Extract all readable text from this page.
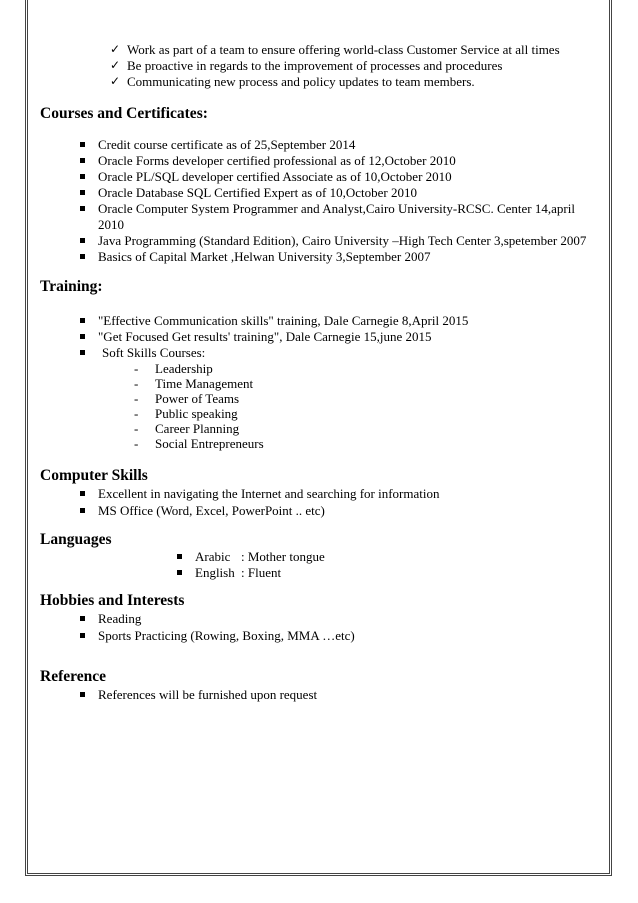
✓ Work as part of a team to ensure offering world-class Customer Service at all times
✓ Be proactive in regards to the improvement of processes and procedures
✓ Communicating new process and policy updates to team members.
Courses and Certificates:
Credit course certificate as of 25,September 2014
Oracle Forms developer certified professional as of 12,October 2010
Oracle PL/SQL developer certified Associate as of 10,October 2010
Oracle Database SQL Certified Expert as of 10,October 2010
Oracle Computer System Programmer and Analyst,Cairo University-RCSC. Center 14,april
2010
Java Programming (Standard Edition), Cairo University –High Tech Center 3,spetember 2007
Basics of Capital Market ,Helwan University 3,September 2007
Training:
"Effective Communication skills" training, Dale Carnegie 8,April 2015
"Get Focused Get results' training", Dale Carnegie 15,june 2015
Soft Skills Courses:
- Leadership
- Time Management
- Power of Teams
- Public speaking
- Career Planning
- Social Entrepreneurs
Computer Skills
Excellent in navigating the Internet and searching for information
MS Office (Word, Excel, PowerPoint .. etc)
Languages
Arabic : Mother tongue
English : Fluent
Hobbies and Interests
Reading
Sports Practicing (Rowing, Boxing, MMA …etc)
Reference
References will be furnished upon request
